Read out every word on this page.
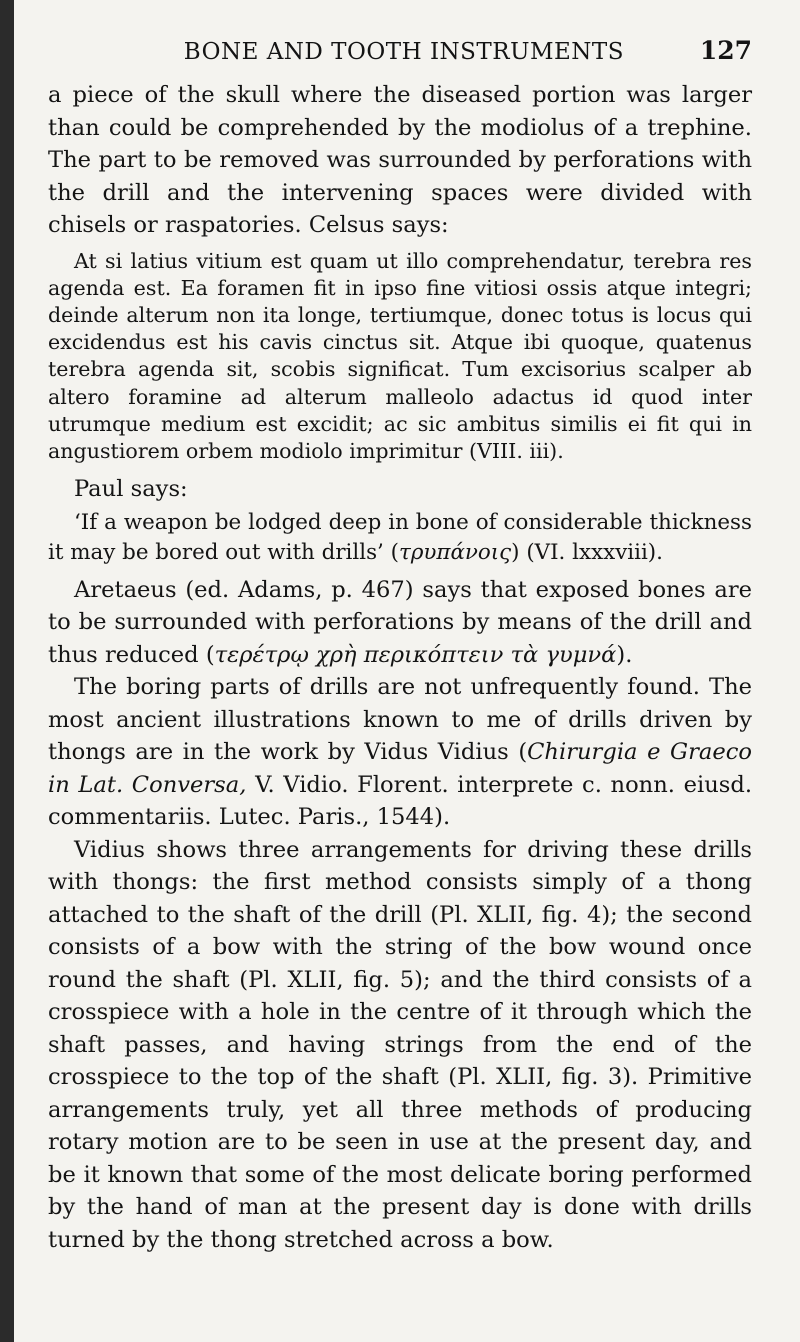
BONE AND TOOTH INSTRUMENTS	127

a piece of the skull where the diseased portion was larger than could be comprehended by the modiolus of a trephine. The part to be removed was surrounded by perforations with the drill and the intervening spaces were divided with chisels or raspatories. Celsus says:

At si latius vitium est quam ut illo comprehendatur, terebra res agenda est. Ea foramen fit in ipso fine vitiosi ossis atque integri; deinde alterum non ita longe, tertiumque, donec totus is locus qui excidendus est his cavis cinctus sit. Atque ibi quoque, quatenus terebra agenda sit, scobis significat. Tum excisorius scalper ab altero foramine ad alterum malleolo adactus id quod inter utrumque medium est excidit; ac sic ambitus similis ei fit qui in angustiorem orbem modiolo imprimitur (VIII. iii).

Paul says:

‘If a weapon be lodged deep in bone of considerable thickness it may be bored out with drills’ (τρυπάνοις) (VI. lxxxviii).

Aretaeus (ed. Adams, p. 467) says that exposed bones are to be surrounded with perforations by means of the drill and thus reduced (τερέτρῳ χρὴ περικόπτειν τὰ γυμνά).

The boring parts of drills are not unfrequently found. The most ancient illustrations known to me of drills driven by thongs are in the work by Vidus Vidius (Chirurgia e Graeco in Lat. Conversa, V. Vidio. Florent. interprete c. nonn. eiusd. commentariis. Lutec. Paris., 1544).

Vidius shows three arrangements for driving these drills with thongs: the first method consists simply of a thong attached to the shaft of the drill (Pl. XLII, fig. 4); the second consists of a bow with the string of the bow wound once round the shaft (Pl. XLII, fig. 5); and the third consists of a crosspiece with a hole in the centre of it through which the shaft passes, and having strings from the end of the crosspiece to the top of the shaft (Pl. XLII, fig. 3). Primitive arrangements truly, yet all three methods of producing rotary motion are to be seen in use at the present day, and be it known that some of the most delicate boring performed by the hand of man at the present day is done with drills turned by the thong stretched across a bow.
